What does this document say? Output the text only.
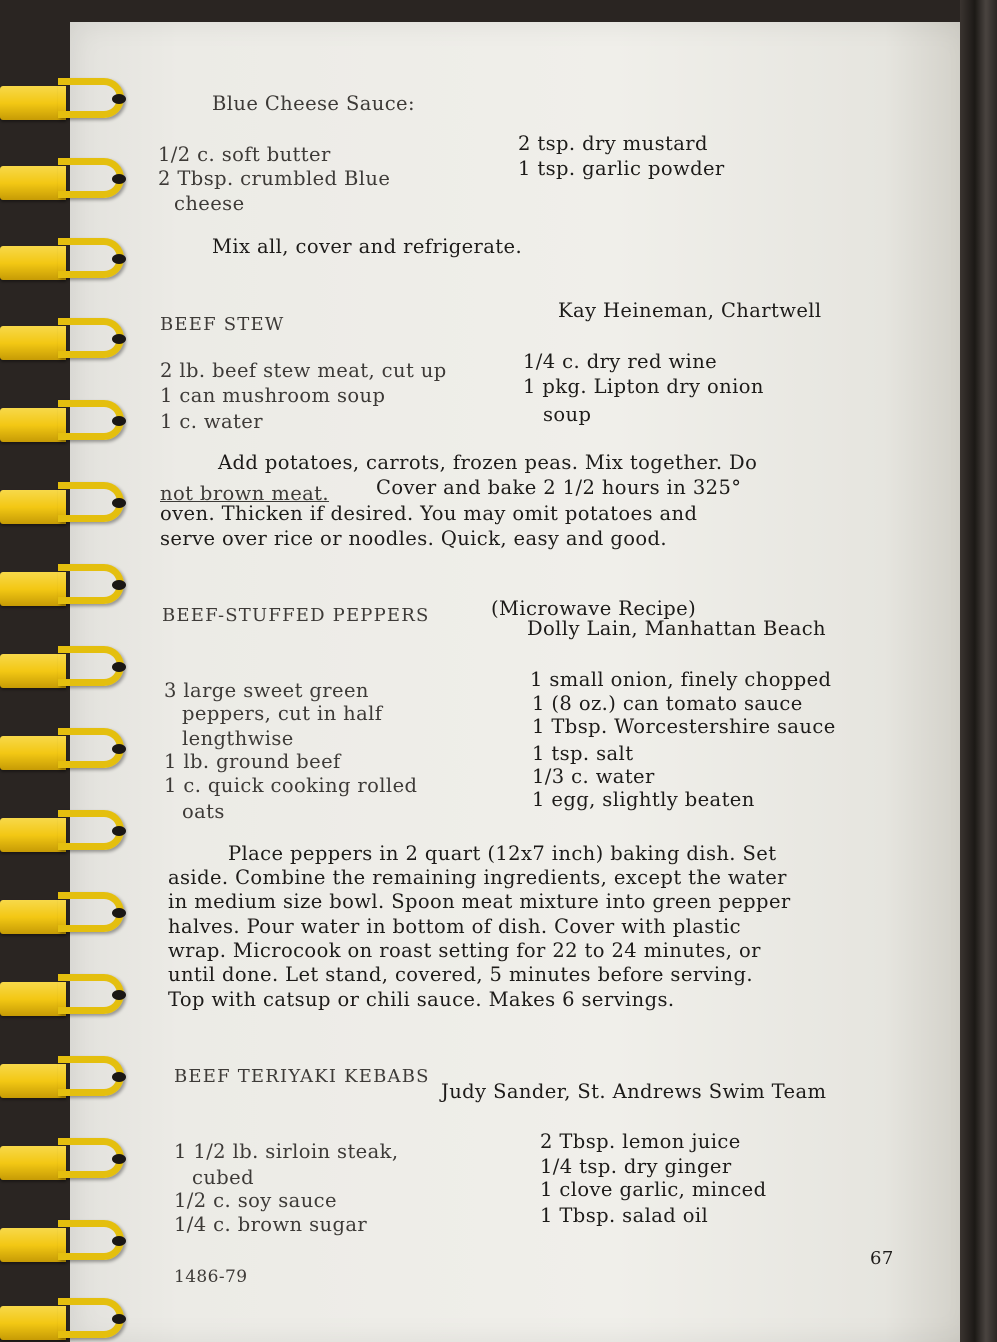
Blue Cheese Sauce:
1/2 c. soft butter
2 Tbsp. crumbled Blue
cheese
2 tsp. dry mustard
1 tsp. garlic powder
Mix all, cover and refrigerate.
BEEF STEW
Kay Heineman, Chartwell
2 lb. beef stew meat, cut up
1 can mushroom soup
1 c. water
1/4 c. dry red wine
1 pkg. Lipton dry onion
soup
Add potatoes, carrots, frozen peas. Mix together. Do
not brown meat. Cover and bake 2 1/2 hours in 325°
oven. Thicken if desired. You may omit potatoes and
serve over rice or noodles. Quick, easy and good.
BEEF-STUFFED PEPPERS	(Microwave Recipe)
Dolly Lain, Manhattan Beach
3 large sweet green
peppers, cut in half
lengthwise
1 lb. ground beef
1 c. quick cooking rolled
oats
1 small onion, finely chopped
1 (8 oz.) can tomato sauce
1 Tbsp. Worcestershire sauce
1 tsp. salt
1/3 c. water
1 egg, slightly beaten
Place peppers in 2 quart (12x7 inch) baking dish. Set
aside. Combine the remaining ingredients, except the water
in medium size bowl. Spoon meat mixture into green pepper
halves. Pour water in bottom of dish. Cover with plastic
wrap. Microcook on roast setting for 22 to 24 minutes, or
until done. Let stand, covered, 5 minutes before serving.
Top with catsup or chili sauce. Makes 6 servings.
BEEF TERIYAKI KEBABS
Judy Sander, St. Andrews Swim Team
1 1/2 lb. sirloin steak,
cubed
1/2 c. soy sauce
1/4 c. brown sugar
2 Tbsp. lemon juice
1/4 tsp. dry ginger
1 clove garlic, minced
1 Tbsp. salad oil
1486-79
67
